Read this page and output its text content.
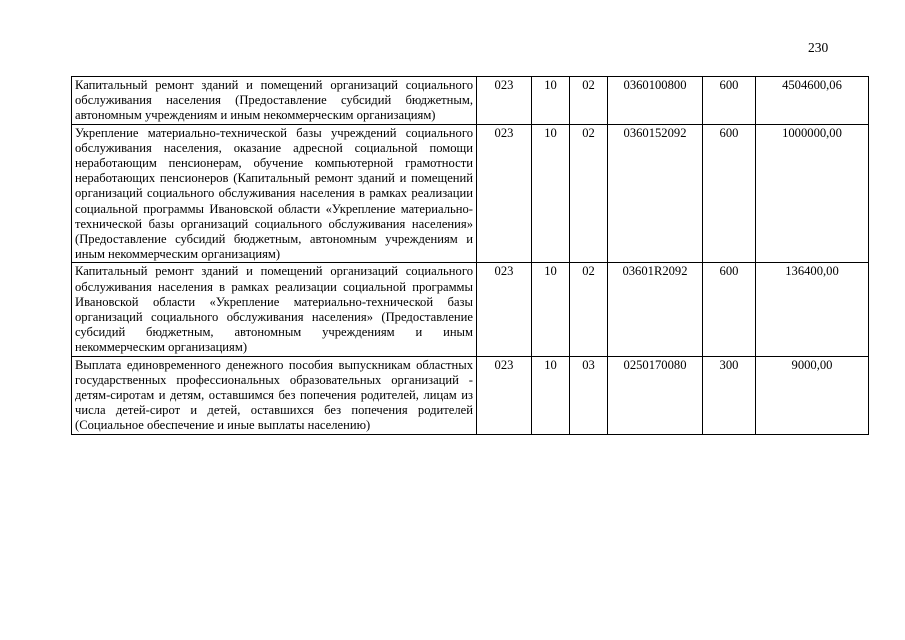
230
Капитальный ремонт зданий и помещений организаций социального обслуживания населения (Предоставление субсидий бюджетным, автономным учреждениям и иным некоммерческим организациям)	023	10	02	0360100800	600	4504600,06
Укрепление материально-технической базы учреждений социального обслуживания населения, оказание адресной социальной помощи неработающим пенсионерам, обучение компьютерной грамотности неработающих пенсионеров (Капитальный ремонт зданий и помещений организаций социального обслуживания населения в рамках реализации социальной программы Ивановской области «Укрепление материально-технической базы организаций социального обслуживания населения» (Предоставление субсидий бюджетным, автономным учреждениям и иным некоммерческим организациям)	023	10	02	0360152092	600	1000000,00
Капитальный ремонт зданий и помещений организаций социального обслуживания населения в рамках реализации социальной программы Ивановской области «Укрепление материально-технической базы организаций социального обслуживания населения» (Предоставление субсидий бюджетным, автономным учреждениям и иным некоммерческим организациям)	023	10	02	03601R2092	600	136400,00
Выплата единовременного денежного пособия выпускникам областных государственных профессиональных образовательных организаций - детям-сиротам и детям, оставшимся без попечения родителей, лицам из числа детей-сирот и детей, оставшихся без попечения родителей (Социальное обеспечение и иные выплаты населению)	023	10	03	0250170080	300	9000,00
